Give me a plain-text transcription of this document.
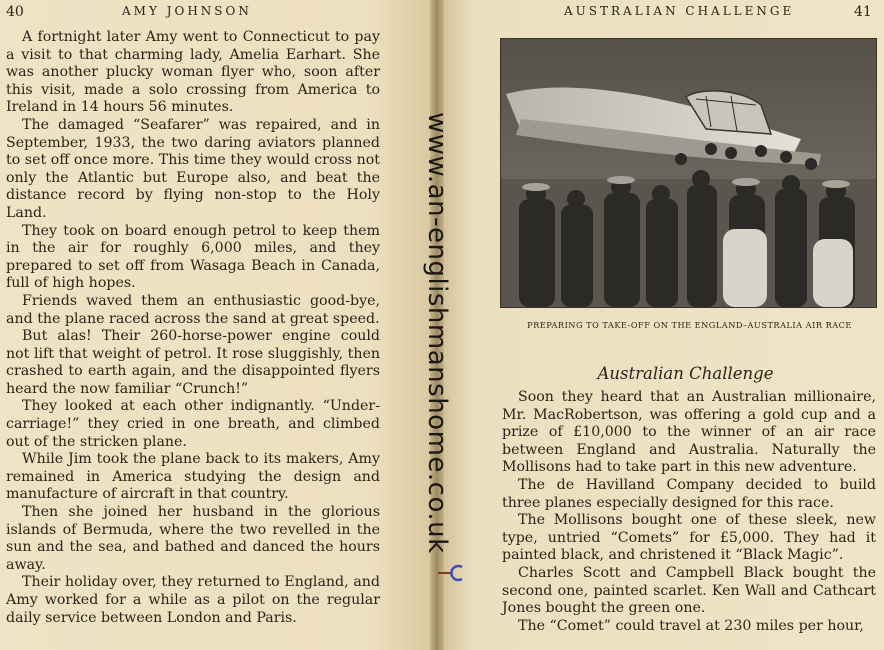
40	AMY JOHNSON

A fortnight later Amy went to Connecticut to pay a visit to that charming lady, Amelia Earhart. She was another plucky woman flyer who, soon after this visit, made a solo crossing from America to Ireland in 14 hours 56 minutes.

The damaged “Seafarer” was repaired, and in September, 1933, the two daring aviators planned to set off once more. This time they would cross not only the Atlantic but Europe also, and beat the distance record by flying non-stop to the Holy Land.

They took on board enough petrol to keep them in the air for roughly 6,000 miles, and they prepared to set off from Wasaga Beach in Canada, full of high hopes.

Friends waved them an enthusiastic good-bye, and the plane raced across the sand at great speed.

But alas! Their 260-horse-power engine could not lift that weight of petrol. It rose sluggishly, then crashed to earth again, and the disappointed flyers heard the now familiar “Crunch!”

They looked at each other indignantly. “Under-carriage!” they cried in one breath, and climbed out of the stricken plane.

While Jim took the plane back to its makers, Amy remained in America studying the design and manufacture of aircraft in that country.

Then she joined her husband in the glorious islands of Bermuda, where the two revelled in the sun and the sea, and bathed and danced the hours away.

Their holiday over, they returned to England, and Amy worked for a while as a pilot on the regular daily service between London and Paris.

AUSTRALIAN CHALLENGE	41
PREPARING TO TAKE-OFF ON THE ENGLAND–AUSTRALIA AIR RACE
Australian Challenge

Soon they heard that an Australian millionaire, Mr. MacRobertson, was offering a gold cup and a prize of £10,000 to the winner of an air race between England and Australia. Naturally the Mollisons had to take part in this new adventure.

The de Havilland Company decided to build three planes especially designed for this race.

The Mollisons bought one of these sleek, new type, untried “Comets” for £5,000. They had it painted black, and christened it “Black Magic”.

Charles Scott and Campbell Black bought the second one, painted scarlet. Ken Wall and Cathcart Jones bought the green one.

The “Comet” could travel at 230 miles per hour,

www.an-englishmanshome.co.uk
